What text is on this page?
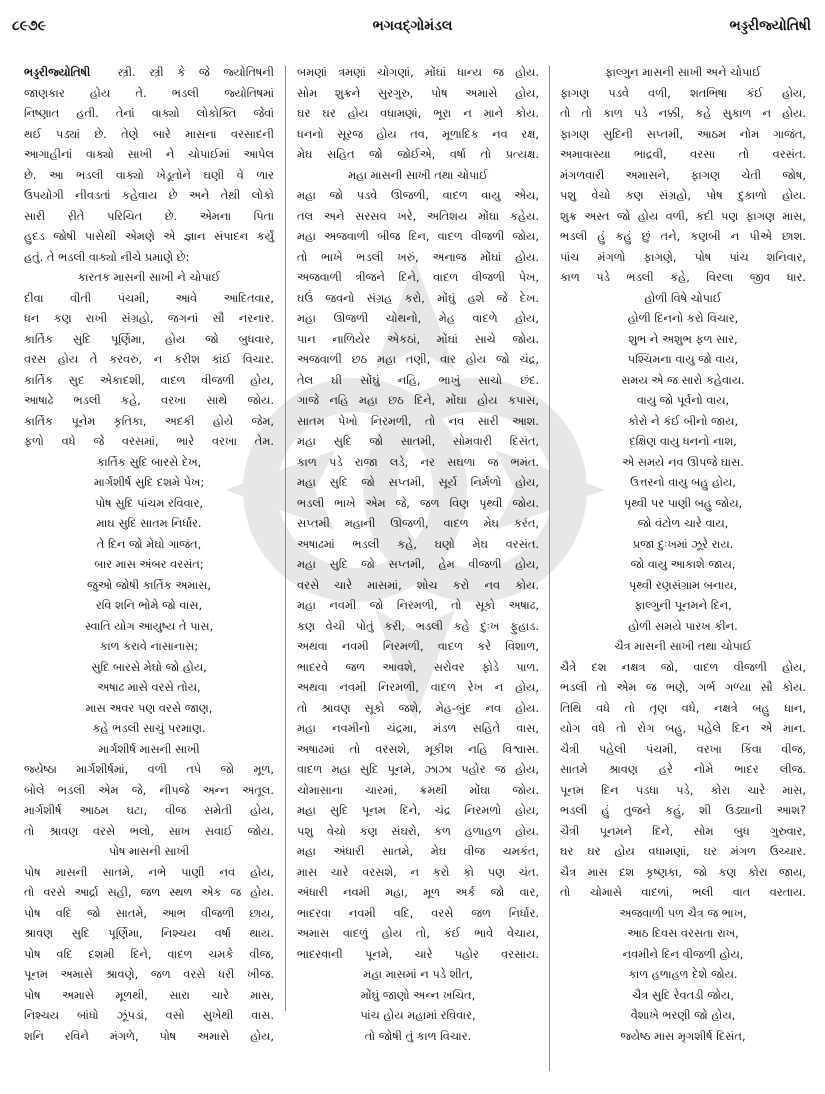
૮૯૭૯	ભગવદ્ગોમંડલ	ભડ્ડરીજ્યોતિષી
ભડ્ડરીજ્યોતિષી સ્ત્રી. સ્ત્રી કે જે જ્યોતિષની
જાણકાર હોય તે. ભડલી જ્યોતિષમાં
નિષ્ણાત હતી. તેનાં વાક્યો લોકોક્તિ જેવાં
થઈ પડ્યાં છે. તેણે બારે માસના વરસાદની
આગાહીનાં વાક્યો સાખી ને ચોપાઈમાં આપેલ
છે. આ ભડલી વાક્યો ખેડૂતોને ઘણી વે ળાર
ઉપયોગી નીવડતાં કહેવાય છે અને તેથી લોકો
સારી રીતે પરિચિત છે. એમના પિતા
હુદડ જોષી પાસેથી એમણે એ જ્ઞાન સંપાદન કર્યું
હતું. તે ભડલી વાક્યો નીચે પ્રમાણે છે:
કારતક માસની સાખી ને ચોપાઈ
દીવા વીતી પંચમી, આવે આદિતવાર,
ધન કણ રાખી સંગ્રહો, જગનાં સૌ નરનાર.
કાર્તિક સુદિ પૂર્ણિમા, હોય જો બુધવાર,
વરસ હોય તે કરવરુ, ન કરીશ કાંઈ વિચાર.
કાર્તિક સુદ એકાદશી, વાદળ વીજળી હોય,
આષાઢે ભડલી કહે, વરખા સાથે જોય.
કાર્તિક પૂનેમ કૃતિકા, અદકી હોયે જેમ,
ફળો વધે જે વરસમાં, ભારે વરખા તેમ.
કાર્તિક સુદિ બારસે દેખ,
માર્ગશીર્ષ સુદિ દશમે પેખ;
પોષ સુદિ પાંચમ રવિવાર,
માઘ સુદિ સાતમ નિર્ધાર.
તે દિન જો મેઘો ગાજંત,
બાર માસ અંબર વરસંત;
જુઓ જોષી કાર્તિક અમાસ,
રવિ શનિ ભોમે જો વાસ,
સ્વાતિ યોગ આયુષ્ય તે પાસ,
કાળ કરાવે નાસાનાસ;
સુદિ બારસે મેઘો જો હોય,
અષાઢ માસે વરસે તોય,
માસ અવર પણ વરસે જાણ,
કહે ભડલી સાચું પરમાણ.
માર્ગશીર્ષ માસની સાખી
જ્યેષ્ઠા માર્ગશીર્ષમાં, વળી તપે જો મૂળ,
બોલે ભડલી એમ જે, નીપજે અન્ન અતૂલ.
માર્ગશીર્ષ આઠમ ઘટા, વીજ સમેતી હોય,
તો શ્રાવણ વરસે ભલો, સાખ સવાઈ જોય.
પોષ માસની સાખી
પોષ માસની સાતમે, નભે પાણી નવ હોય,
તો વરસે આર્દ્રા સહી, જળ સ્થળ એક જ હોય.
પોષ વદિ જો સાતમે, આભ વીજળી છાય,
શ્રાવણ સુદિ પૂર્ણિમા, નિશ્ચય વર્ષા થાય.
પોષ વદિ દશમી દિને, વાદળ ચમકે વીજ,
પૂનમ અમાસે શ્રાવણે, જળ વરસે ધરી ખીજ.
પોષ અમાસે મૂળથી, સારા ચારે માસ,
નિશ્ચય બાંધો ઝૂંપડાં, વસો સુખેથી વાસ.
શનિ રવિને મંગળે, પોષ અમાસે હોય,
બમણાં ત્રમણાં ચોગણાં, મોંઘાં ધાન્ય જ હોય.
સોમ શુક્રને સુરગુરુ, પોષ અમાસે હોય,
ઘર ઘર હોય વધામણાં, ભૂરા ન માને કોય.
ધનનો સૂરજ હોય તવ, મૂળાદિક નવ રક્ષ,
મેઘ સહિત જો જોઈએ, વર્ષા તો પ્રત્યક્ષ.
મહા માસની સાખી તથા ચોપાઈ
મહા જો પડવે ઊજળી, વાદળ વાયુ એય,
તલ અને સરસવ ખરે, અતિશય મોંઘા કહેય.
મહા અજવાળી બીજ દિન, વાદળ વીજળી જોય,
તો ભાખે ભડલી ખરું, અનાજ મોંઘાં હોય.
અજવાળી ત્રીજને દિને, વાદળ વીજળી પેખ,
ઘઉં જવનો સંગ્રહ કરો, મોંઘું હશે જે દેખ.
મહા ઊજળી ચોથનો, મેહ વાદળે હોય,
પાન નાળિયેર એકઠાં, મોંઘાં સાચે જોય.
અજવાળી છઠ મહા તણી, વાર હોય જો ચંદ્ર,
તેલ ઘી સોંઘું નહિ, ભાખું સાચો છંદ.
ગાજે નહિ મહા છઠ દિને, મોંઘા હોય કપાસ,
સાતમ પેખો નિરમળી, તો નવ સારી આશ.
મહા સુદિ જો સાતમી, સોમવારી દિસંત,
કાળ પડે રાજા લડે, નર સઘળા જ ભમંત.
મહા સુદિ જો સપ્તમી, સૂર્ય નિર્મળો હોય,
ભડલી ભાખે એમ જે, જળ વિણ પૃથ્વી જોય.
સપ્તમી મહાની ઊજળી, વાદળ મેઘ કરંત,
અષાઢમાં ભડલી કહે, ઘણો મેઘ વરસંત.
મહા સુદિ જો સપ્તમી, હેમ વીજળી હોય,
વરસે ચારે માસમાં, શોચ કરો નવ કોય.
મહા નવમી જો નિરમળી, તો સૂકો અષાઢ,
કણ વેચી પોતું કરી, ભડલી કહે દુઃખ ફુહાડ.
અથવા નવમી નિરમળી, વાદળ કરે વિશાળ,
ભાદરવે જળ આવશે, સરોવર ફોડે પાળ.
અથવા નવમી નિરમળી, વાદળ રેખ ન હોય,
તો શ્રાવણ સૂકો જશે, મેહ-બુંદ નવ હોય.
મહા નવમીનો ચંદ્રમા, મંડળ સહિતે વાસ,
અષાઢમાં તો વરસશે, મૂકીશ નહિ વિશ્વાસ.
વાદળ મહા સુદિ પૂનમે, ઝાઝા પહોર જ હોય,
ચોમાસાના ચારમાં, ક્રમથી મોંઘા જોય.
મહા સુદિ પૂનમ દિને, ચંદ્ર નિરમળો હોય,
પશુ વેચો કણ સંઘરો, કળ હળાહળ હોય.
મહા અંધારી સાતમે, મેઘ વીજ ચમકંત,
માસ ચારે વરસશે, ન કરો કો પણ ચંત.
અંધારી નવમી મહા, મૂળ અર્ક જો વાર,
ભાદરવા નવમી વદિ, વરસે જળ નિર્ધાર.
અમાસ વાદળું હોય તો, કંઈ ભાવે વેચાય,
ભાદરવાની પૂનમે, ચારે પહોર વરસાય.
મહા માસમાં ન પડે શીત,
મોંઘું જાણો અન્ન ખચિત,
પાંચ હોય મહામાં રવિવાર,
તો જોષી તું કાળ વિચાર.
ફાલ્ગુન માસની સાખી અને ચોપાઈ
ફાગણ પડવે વળી, શતભિષા કંઈ હોય,
તો તો કાળ પડે નક્કી, કહે સુકાળ ન હોય.
ફાગણ સુદિની સપ્તમી, આઠમ નોમ ગાજંત,
અમાવાસ્યા ભાદ્રવી, વરસા તો વરસંત.
મંગળવારી અમાસને, ફાગણ ચેતી જોષ,
પશુ વેચો કણ સંગ્રહો, પોષ દુકાળો હોય.
શુક્ર અસ્ત જો હોય વળી, કદી પણ ફાગણ માસ,
ભડલી હું કહું છું તને, કણબી ન પીએ છાશ.
પાંચ મંગળો ફાગણે, પોષ પાંચ શનિવાર,
કાળ પડે ભડલી કહે, વિરલા જીવ ધાર.
હોળી વિષે ચોપાઈ
હોળી દિનનો કરો વિચાર,
શુભ ને અશુભ ફળ સાર,
પશ્ચિમના વાયુ જો વાય,
સમય એ જ સારો કહેવાય.
વાયુ જો પૂર્વનો વાય,
કોરો ને કંઈ બીનો જાય,
દક્ષિણ વાયુ ધનનો નાશ,
એ સમયે નવ ઊપજે ઘાસ.
ઉત્તરનો વાયુ બહુ હોય,
પૃથ્વી પર પાણી બહુ જોય,
જો વંટોળ ચારે વાય,
પ્રજા દુઃખમાં ઝૂરે રાય.
જો વાયુ આકાશે જાય,
પૃથ્વી રણસંગ્રામ બનાય,
ફાલ્ગુની પૂનમને દિન,
હોળી સમયે પારખ કીન.
ચૈત્ર માસની સાખી તથા ચોપાઈ
ચૈત્રે દશ નક્ષત્ર જો, વાદળ વીજળી હોય,
ભડલી તો એમ જ ભણે, ગર્ભ ગળ્યા સૌ કોય.
તિથિ વધે તો તૃણ વધે, નક્ષત્રે બહુ ધાન,
યોગ વધે તો રોગ બહુ, પહેલે દિન એ માન.
ચૈત્રી પહેલી પંચમી, વરખા કિંવા વીજ,
સાતમે શ્રાવણ હરે નોમે ભાદર લીજ.
પૂનમ દિન પડધા પડે, કોરા ચારે માસ,
ભડલી હું તુજને કહું, શી ઉડ્યાની આશ?
ચૈત્રી પૂનમને દિને, સોમ બુધ ગુરુવાર,
ઘર ઘર હોય વધામણાં, ઘર મંગળ ઉચ્ચાર.
ચૈત્ર માસ દશ કૃષ્ણકા, જો કણ કોરા જાય,
તો ચોમાસે વાદળાં, ભલી વાત વરતાય.
અજવાળી પળ ચૈત્ર જ ભાખ,
આઠ દિવસ વરસતા રાખ,
નવમીને દિન વીજળી હોય,
કાળ હળાહળ દેશે જોય.
ચૈત્ર સુદિ રેવતડી જોય,
વૈશાખે ભરણી જો હોય,
જ્યેષ્ઠ માસ મૃગશીર્ષ દિસંત,
